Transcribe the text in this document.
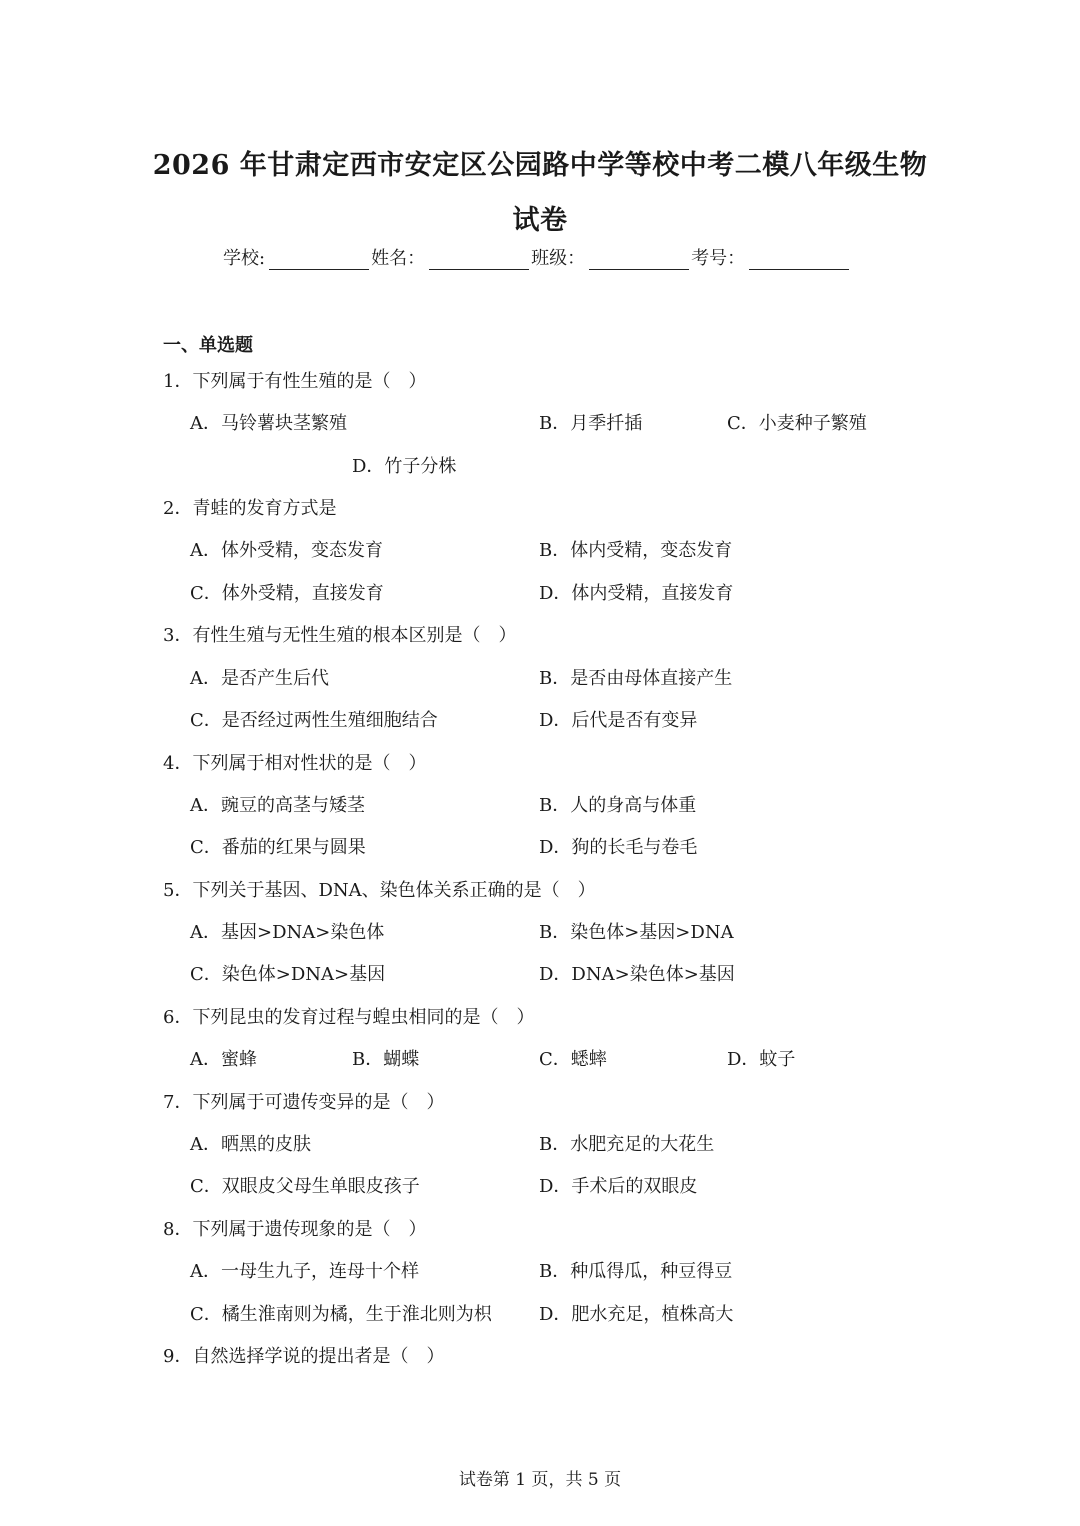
2026 年甘肃定西市安定区公园路中学等校中考二模八年级生物
试卷
学校:	姓名：	班级：	考号：
一、单选题
1．下列属于有性生殖的是（　）
A．马铃薯块茎繁殖	B．月季扦插	C．小麦种子繁殖
D．竹子分株
2．青蛙的发育方式是
A．体外受精，变态发育	B．体内受精，变态发育
C．体外受精，直接发育	D．体内受精，直接发育
3．有性生殖与无性生殖的根本区别是（　）
A．是否产生后代	B．是否由母体直接产生
C．是否经过两性生殖细胞结合	D．后代是否有变异
4．下列属于相对性状的是（　）
A．豌豆的高茎与矮茎	B．人的身高与体重
C．番茄的红果与圆果	D．狗的长毛与卷毛
5．下列关于基因、DNA、染色体关系正确的是（　）
A．基因>DNA>染色体	B．染色体>基因>DNA
C．染色体>DNA>基因	D．DNA>染色体>基因
6．下列昆虫的发育过程与蝗虫相同的是（　）
A．蜜蜂	B．蝴蝶	C．蟋蟀	D．蚊子
7．下列属于可遗传变异的是（　）
A．晒黑的皮肤	B．水肥充足的大花生
C．双眼皮父母生单眼皮孩子	D．手术后的双眼皮
8．下列属于遗传现象的是（　）
A．一母生九子，连母十个样	B．种瓜得瓜，种豆得豆
C．橘生淮南则为橘，生于淮北则为枳	D．肥水充足，植株高大
9．自然选择学说的提出者是（　）
试卷第 1 页，共 5 页
